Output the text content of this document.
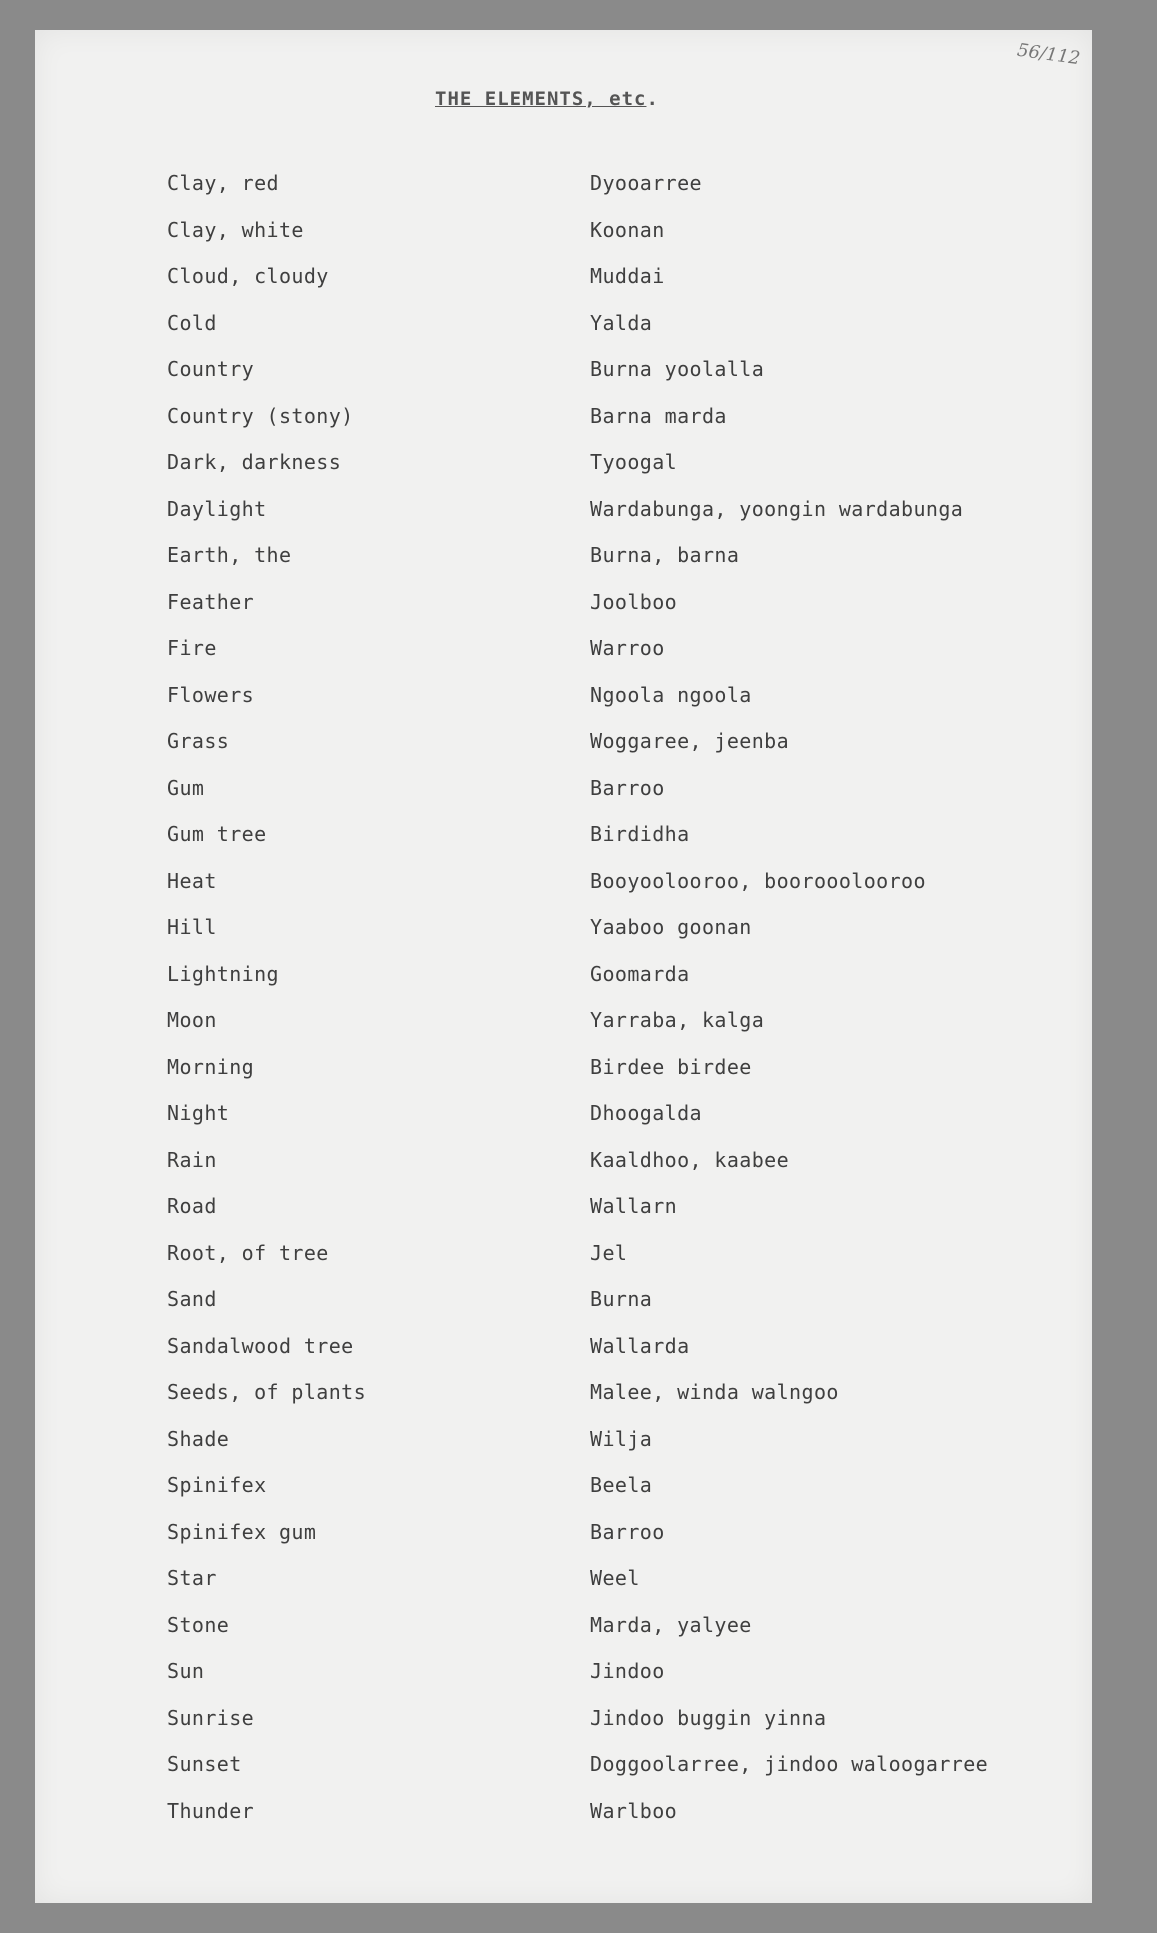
56/112
THE ELEMENTS, etc.
Clay, red	Dyooarree
Clay, white	Koonan
Cloud, cloudy	Muddai
Cold	Yalda
Country	Burna yoolalla
Country (stony)	Barna marda
Dark, darkness	Tyoogal
Daylight	Wardabunga, yoongin wardabunga
Earth, the	Burna, barna
Feather	Joolboo
Fire	Warroo
Flowers	Ngoola ngoola
Grass	Woggaree, jeenba
Gum	Barroo
Gum tree	Birdidha
Heat	Booyoolooroo, boorooolooroo
Hill	Yaaboo goonan
Lightning	Goomarda
Moon	Yarraba, kalga
Morning	Birdee birdee
Night	Dhoogalda
Rain	Kaaldhoo, kaabee
Road	Wallarn
Root, of tree	Jel
Sand	Burna
Sandalwood tree	Wallarda
Seeds, of plants	Malee, winda walngoo
Shade	Wilja
Spinifex	Beela
Spinifex gum	Barroo
Star	Weel
Stone	Marda, yalyee
Sun	Jindoo
Sunrise	Jindoo buggin yinna
Sunset	Doggoolarree, jindoo waloogarree
Thunder	Warlboo
